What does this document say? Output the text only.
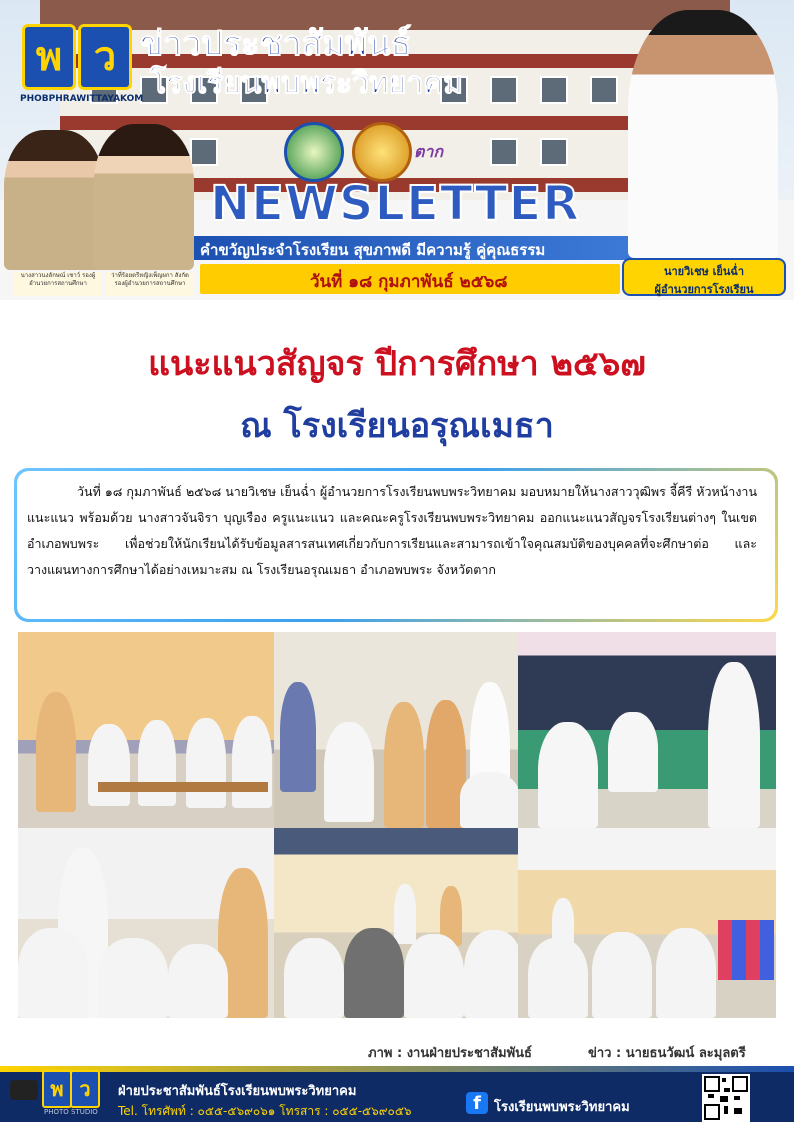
พ ว
PHOBPHRAWITTAYAKOM
ข่าวประชาสัมพันธ์
โรงเรียนพบพระวิทยาคม
ตาก
NEWSLETTER
คำขวัญประจำโรงเรียน สุขภาพดี มีความรู้ คู่คุณธรรม
วันที่ ๑๘ กุมภาพันธ์ ๒๕๖๘
นางสาวนงลักษณ์ เชาว์ รองผู้อำนวยการสถานศึกษา
ว่าที่ร้อยตรีหญิงเพ็ญผกา สังกัด รองผู้อำนวยการสถานศึกษา
นายวิเชษ เย็นฉ่ำ
ผู้อำนวยการโรงเรียน
แนะแนวสัญจร ปีการศึกษา ๒๕๖๗
ณ โรงเรียนอรุณเมธา

วันที่ ๑๘ กุมภาพันธ์ ๒๕๖๘ นายวิเชษ เย็นฉ่ำ ผู้อำนวยการโรงเรียนพบพระวิทยาคม มอบหมายให้นางสาววุฒิพร จี้คีรี หัวหน้างานแนะแนว พร้อมด้วย นางสาวจันจิรา บุญเรือง ครูแนะแนว และคณะครูโรงเรียนพบพระวิทยาคม ออกแนะแนวสัญจรโรงเรียนต่างๆ ในเขตอำเภอพบพระ เพื่อช่วยให้นักเรียนได้รับข้อมูลสารสนเทศเกี่ยวกับการเรียนและสามารถเข้าใจคุณสมบัติของบุคคลที่จะศึกษาต่อ และวางแผนทางการศึกษาได้อย่างเหมาะสม ณ โรงเรียนอรุณเมธา อำเภอพบพระ จังหวัดตาก

ภาพ : งานฝ่ายประชาสัมพันธ์	ข่าว : นายธนวัฒน์ ละมุลตรี
พ ว
PHOTO STUDIO
ฝ่ายประชาสัมพันธ์โรงเรียนพบพระวิทยาคม
Tel. โทรศัพท์ : ๐๕๕-๕๖๙๐๖๑ โทรสาร : ๐๕๕-๕๖๙๐๕๖	f	โรงเรียนพบพระวิทยาคม
